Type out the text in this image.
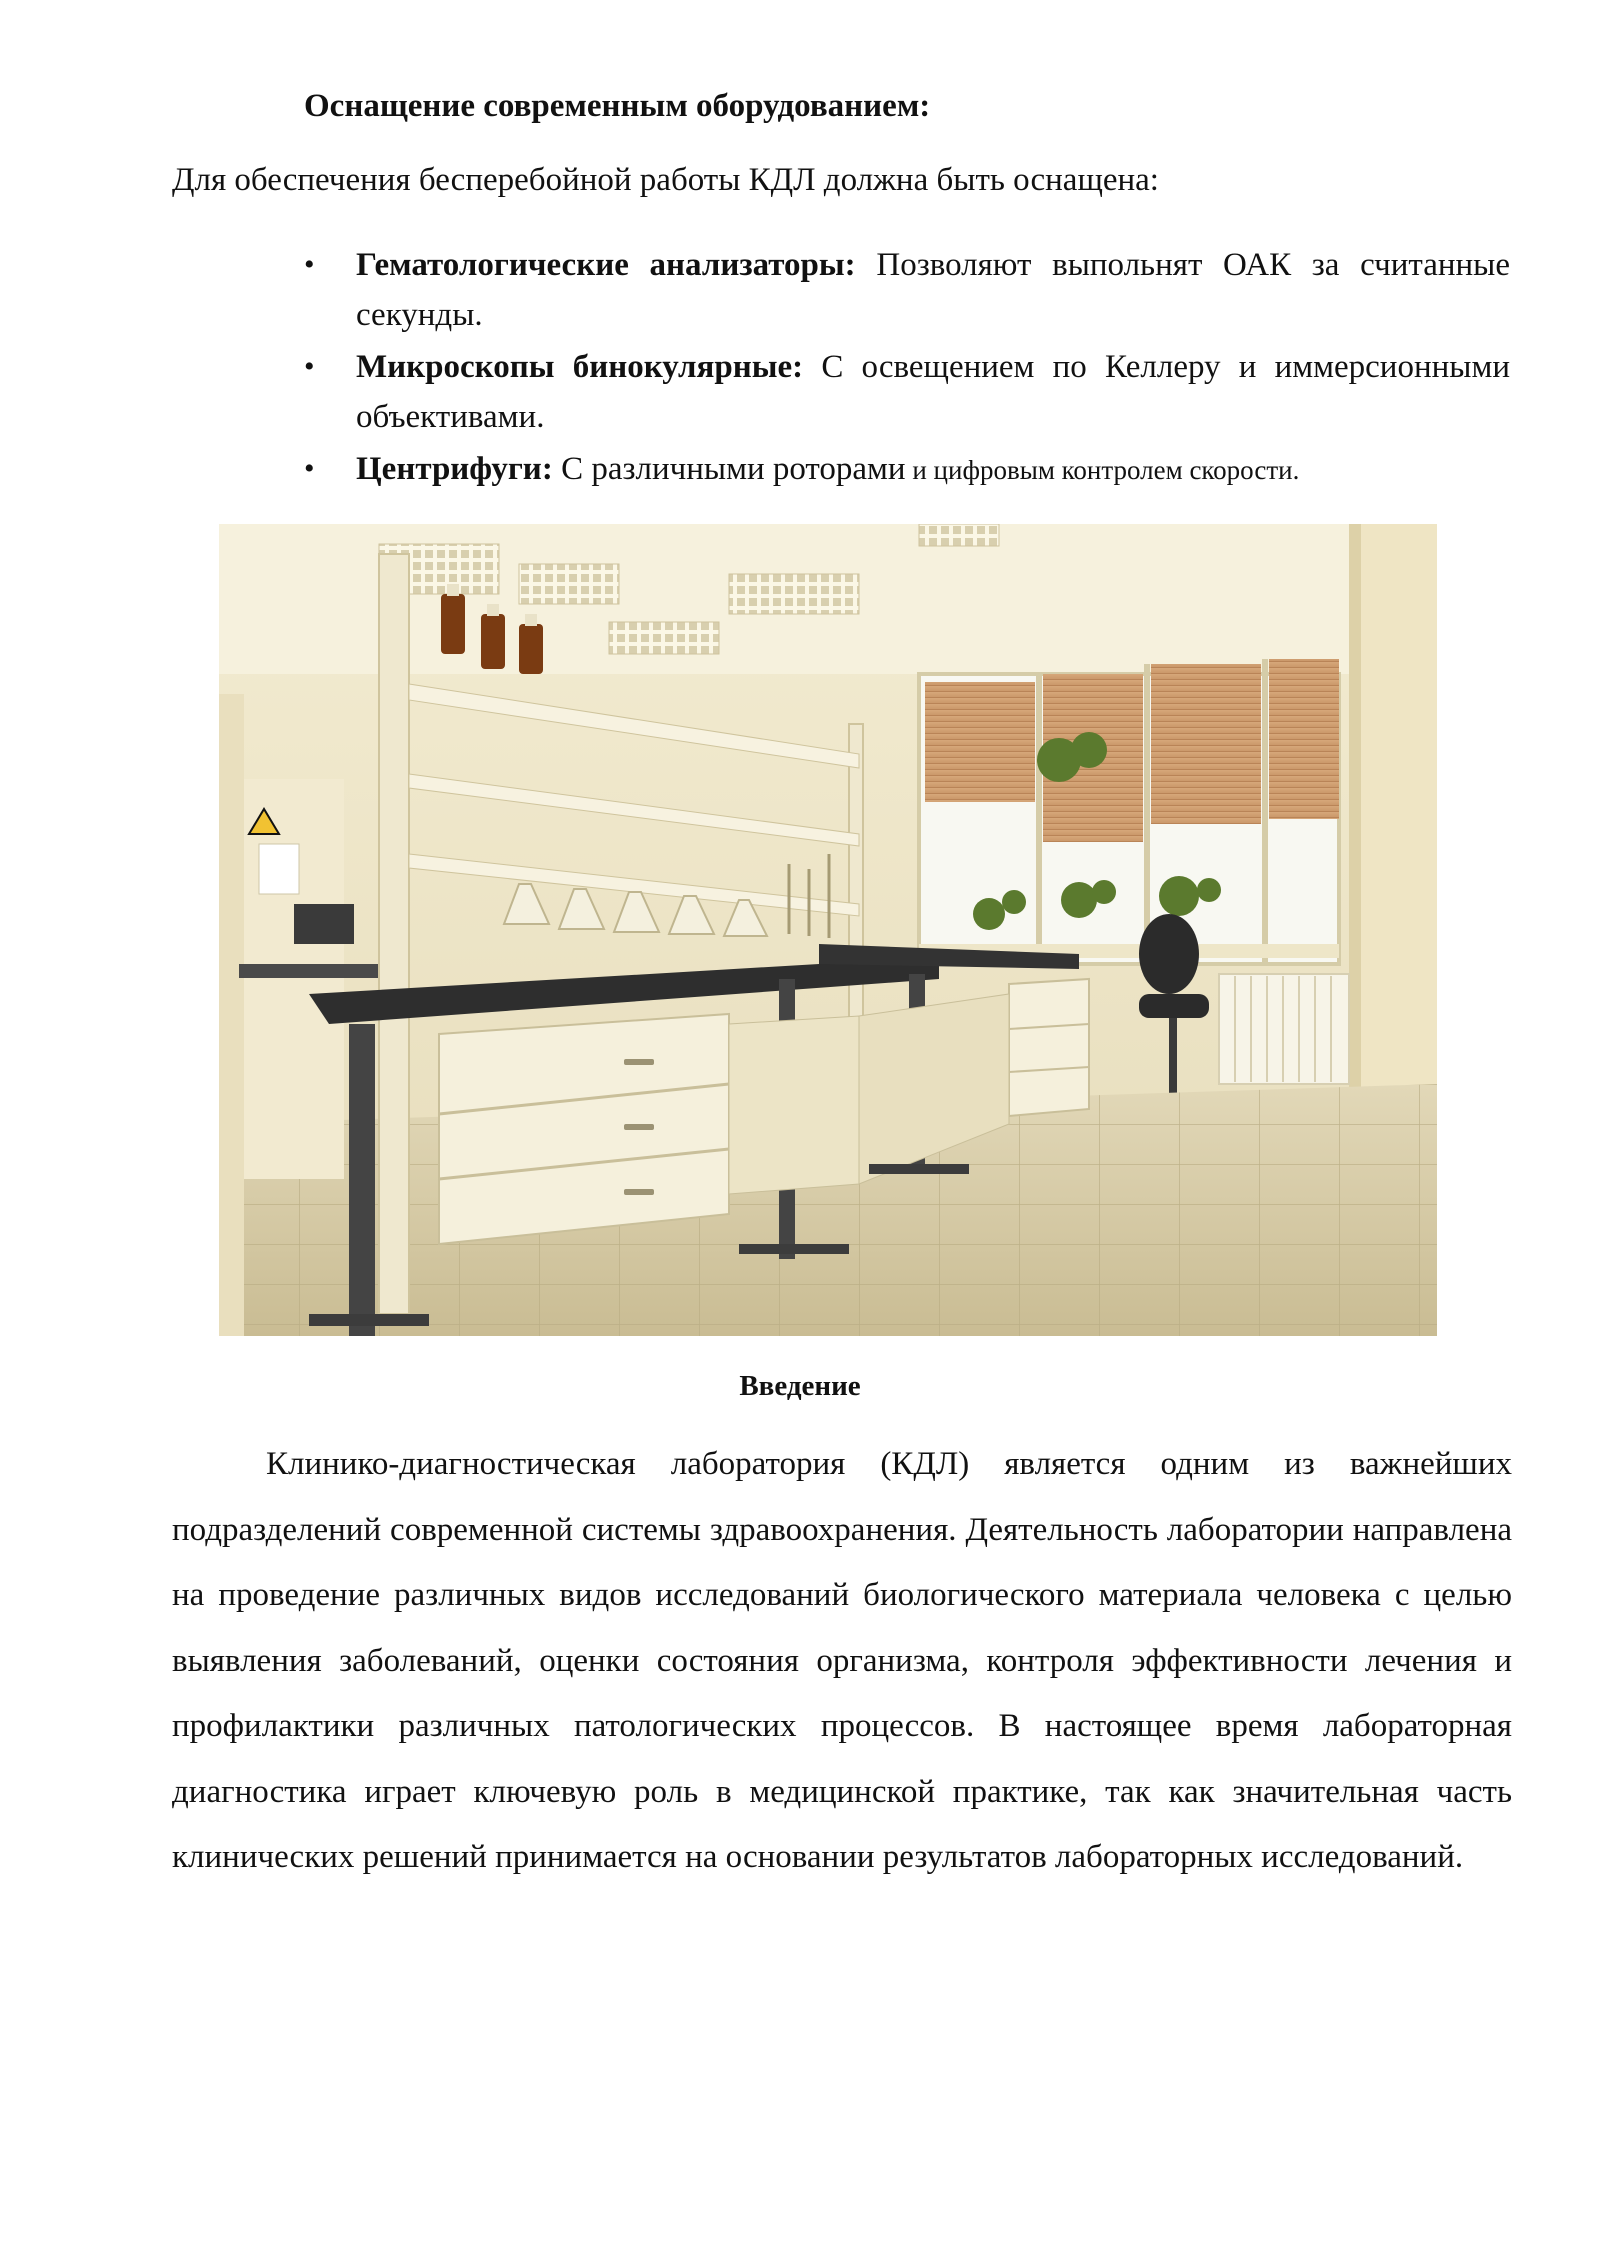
Оснащение современным оборудованием:

Для обеспечения бесперебойной работы КДЛ должна быть оснащена:

• Гематологические анализаторы: Позволяют выпольнят ОАК за считанные секунды.
• Микроскопы бинокулярные: С освещением по Келлеру и иммерсионными объективами.
• Центрифуги: С различными роторами и цифровым контролем скорости.
Введение

Клинико-диагностическая лаборатория (КДЛ) является одним из важнейших подразделений современной системы здравоохранения. Деятельность лаборатории направлена на проведение различных видов исследований биологического материала человека с целью выявления заболеваний, оценки состояния организма, контроля эффективности лечения и профилактики различных патологических процессов. В настоящее время лабораторная диагностика играет ключевую роль в медицинской практике, так как значительная часть клинических решений принимается на основании результатов лабораторных исследований.
